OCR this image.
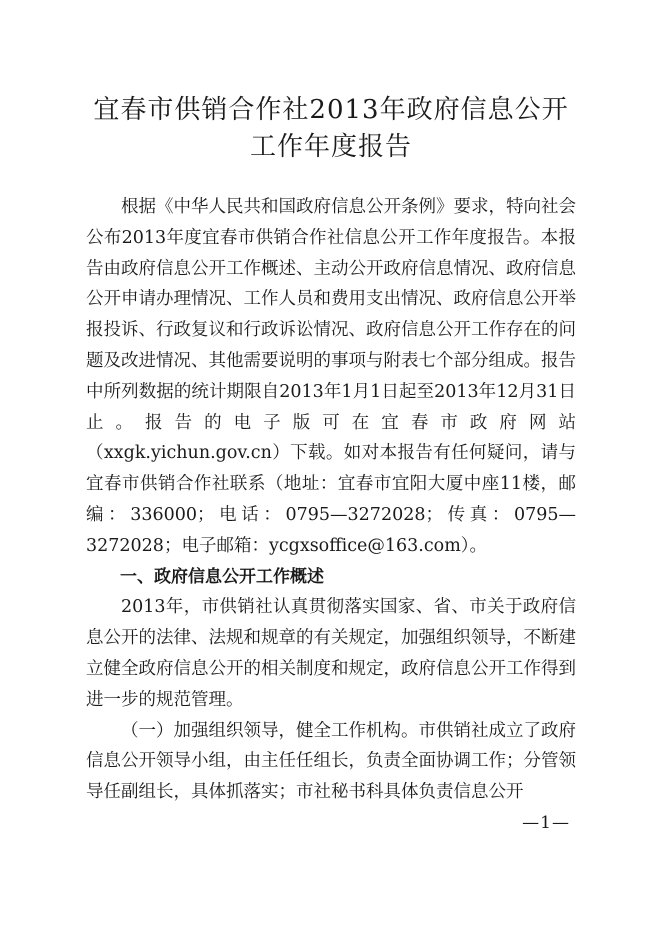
宜春市供销合作社2013年政府信息公开
工作年度报告

根据《中华人民共和国政府信息公开条例》要求，特向社会公布2013年度宜春市供销合作社信息公开工作年度报告。本报告由政府信息公开工作概述、主动公开政府信息情况、政府信息公开申请办理情况、工作人员和费用支出情况、政府信息公开举报投诉、行政复议和行政诉讼情况、政府信息公开工作存在的问题及改进情况、其他需要说明的事项与附表七个部分组成。报告中所列数据的统计期限自2013年1月1日起至2013年12月31日止。报告的电子版可在宜春市政府网站（xxgk.yichun.gov.cn）下载。如对本报告有任何疑问，请与宜春市供销合作社联系（地址：宜春市宜阳大厦中座11楼，邮编：336000；电话：0795—3272028；传真：0795—3272028；电子邮箱：ycgxsoffice@163.com）。

一、政府信息公开工作概述

2013年，市供销社认真贯彻落实国家、省、市关于政府信息公开的法律、法规和规章的有关规定，加强组织领导，不断建立健全政府信息公开的相关制度和规定，政府信息公开工作得到进一步的规范管理。

（一）加强组织领导，健全工作机构。市供销社成立了政府信息公开领导小组，由主任任组长，负责全面协调工作；分管领导任副组长，具体抓落实；市社秘书科具体负责信息公开

—1—
